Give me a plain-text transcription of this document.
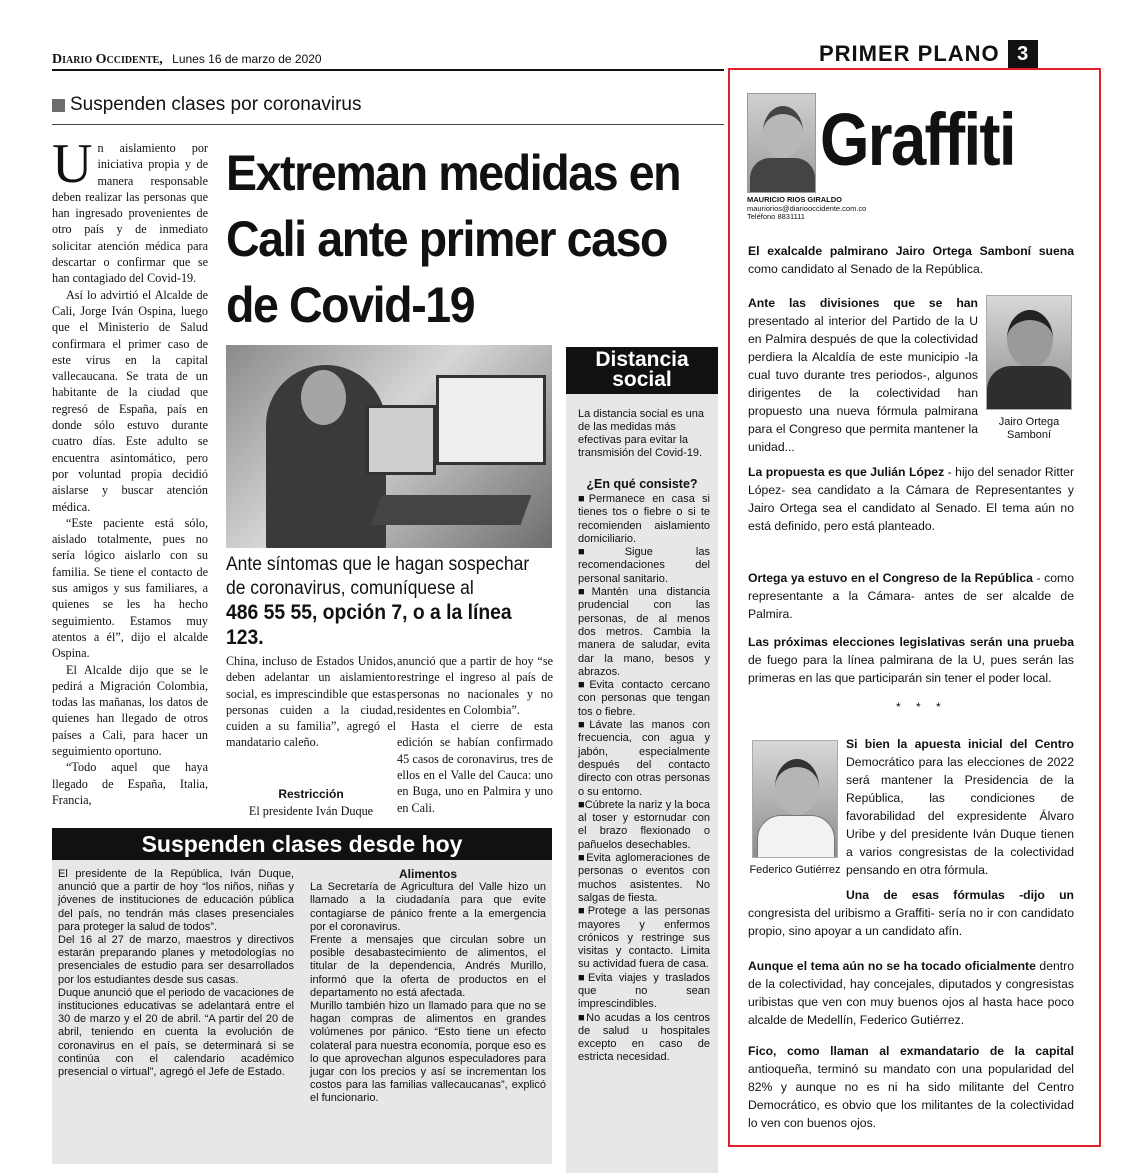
Diario Occidente, Lunes 16 de marzo de 2020	PRIMER PLANO 3
Suspenden clases por coronavirus

Un aislamiento por iniciativa propia y de manera responsable deben realizar las personas que han ingresado provenientes de otro país y de inmediato solicitar atención médica para descartar o confirmar que se han contagiado del Covid-19.

Así lo advirtió el Alcalde de Cali, Jorge Iván Ospina, luego que el Ministerio de Salud confirmara el primer caso de este virus en la capital vallecaucana. Se trata de un habitante de la ciudad que regresó de España, país en donde sólo estuvo durante cuatro días. Este adulto se encuentra asintomático, pero por voluntad propia decidió aislarse y buscar atención médica.

“Este paciente está sólo, aislado totalmente, pues no sería lógico aislarlo con su familia. Se tiene el contacto de sus amigos y sus familiares, a quienes se les ha hecho seguimiento. Estamos muy atentos a él”, dijo el alcalde Ospina.

El Alcalde dijo que se le pedirá a Migración Colombia, todas las mañanas, los datos de quienes han llegado de otros países a Cali, para hacer un seguimiento oportuno.

“Todo aquel que haya llegado de España, Italia, Francia,

Extreman medidas en Cali ante primer caso de Covid-19
Ante síntomas que le hagan sospechar de coronavirus, comuníquese al
486 55 55, opción 7, o a la línea 123.

China, incluso de Estados Unidos, deben adelantar un aislamiento social, es imprescindible que estas personas cuiden a la ciudad, cuiden a su familia”, agregó el mandatario caleño.

Restricción

El presidente Iván Duque

anunció que a partir de hoy “se restringe el ingreso al país de personas no nacionales y no residentes en Colombia”.

Hasta el cierre de esta edición se habían confirmado 45 casos de coronavirus, tres de ellos en el Valle del Cauca: uno en Buga, uno en Palmira y uno en Cali.

Distancia social
La distancia social es una de las medidas más efectivas para evitar la transmisión del Covid-19.
¿En qué consiste?
■ Permanece en casa si tienes tos o fiebre o si te recomienden aislamiento domiciliario.
■ Sigue las recomendaciones del personal sanitario.
■ Mantén una distancia prudencial con las personas, de al menos dos metros. Cambia la manera de saludar, evita dar la mano, besos y abrazos.
■ Evita contacto cercano con personas que tengan tos o fiebre.
■ Lávate las manos con frecuencia, con agua y jabón, especialmente después del contacto directo con otras personas o su entorno.
■ Cúbrete la nariz y la boca al toser y estornudar con el brazo flexionado o pañuelos desechables.
■ Evita aglomeraciones de personas o eventos con muchos asistentes. No salgas de fiesta.
■ Protege a las personas mayores y enfermos crónicos y restringe sus visitas y contacto. Limita su actividad fuera de casa.
■ Evita viajes y traslados que no sean imprescindibles.
■ No acudas a los centros de salud u hospitales excepto en caso de estricta necesidad.
Suspenden clases desde hoy

El presidente de la República, Iván Duque, anunció que a partir de hoy “los niños, niñas y jóvenes de instituciones de educación pública del país, no tendrán más clases presenciales para proteger la salud de todos”.

Del 16 al 27 de marzo, maestros y directivos estarán preparando planes y metodologías no presenciales de estudio para ser desarrollados por los estudiantes desde sus casas.

Duque anunció que el periodo de vacaciones de instituciones educativas se adelantará entre el 30 de marzo y el 20 de abril. “A partir del 20 de abril, teniendo en cuenta la evolución de coronavirus en el país, se determinará si se continúa con el calendario académico presencial o virtual”, agregó el Jefe de Estado.

Alimentos

La Secretaría de Agricultura del Valle hizo un llamado a la ciudadanía para que evite contagiarse de pánico frente a la emergencia por el coronavirus.

Frente a mensajes que circulan sobre un posible desabastecimiento de alimentos, el titular de la dependencia, Andrés Murillo, informó que la oferta de productos en el departamento no está afectada.

Murillo también hizo un llamado para que no se hagan compras de alimentos en grandes volúmenes por pánico. “Esto tiene un efecto colateral para nuestra economía, porque eso es lo que aprovechan algunos especuladores para jugar con los precios y así se incrementan los costos para las familias vallecaucanas”, explicó el funcionario.

Graffiti
MAURICIO RIOS GIRALDO
mauriorios@diariooccidente.com.co
Teléfono 8831111
El exalcalde palmirano Jairo Ortega Samboní suena como candidato al Senado de la República.
Jairo Ortega Samboní
Ante las divisiones que se han presentado al interior del Partido de la U en Palmira después de que la colectividad perdiera la Alcaldía de este municipio -la cual tuvo durante tres periodos-, algunos dirigentes de la colectividad han propuesto una nueva fórmula palmirana para el Congreso que permita mantener la unidad...
La propuesta es que Julián López - hijo del senador Ritter López- sea candidato a la Cámara de Representantes y Jairo Ortega sea el candidato al Senado. El tema aún no está definido, pero está planteado.
Ortega ya estuvo en el Congreso de la República - como representante a la Cámara- antes de ser alcalde de Palmira.
Las próximas elecciones legislativas serán una prueba de fuego para la línea palmirana de la U, pues serán las primeras en las que participarán sin tener el poder local.
* * *
Federico Gutiérrez
Si bien la apuesta inicial del Centro Democrático para las elecciones de 2022 será mantener la Presidencia de la República, las condiciones de favorabilidad del expresidente Álvaro Uribe y del presidente Iván Duque tienen a varios congresistas de la colectividad pensando en otra fórmula.
Una de esas fórmulas -dijo un congresista del uribismo a Graffiti- sería no ir con candidato propio, sino apoyar a un candidato afín.
Aunque el tema aún no se ha tocado oficialmente dentro de la colectividad, hay concejales, diputados y congresistas uribistas que ven con muy buenos ojos al hasta hace poco alcalde de Medellín, Federico Gutiérrez.
Fico, como llaman al exmandatario de la capital antioqueña, terminó su mandato con una popularidad del 82% y aunque no es ni ha sido militante del Centro Democrático, es obvio que los militantes de la colectividad lo ven con buenos ojos.
